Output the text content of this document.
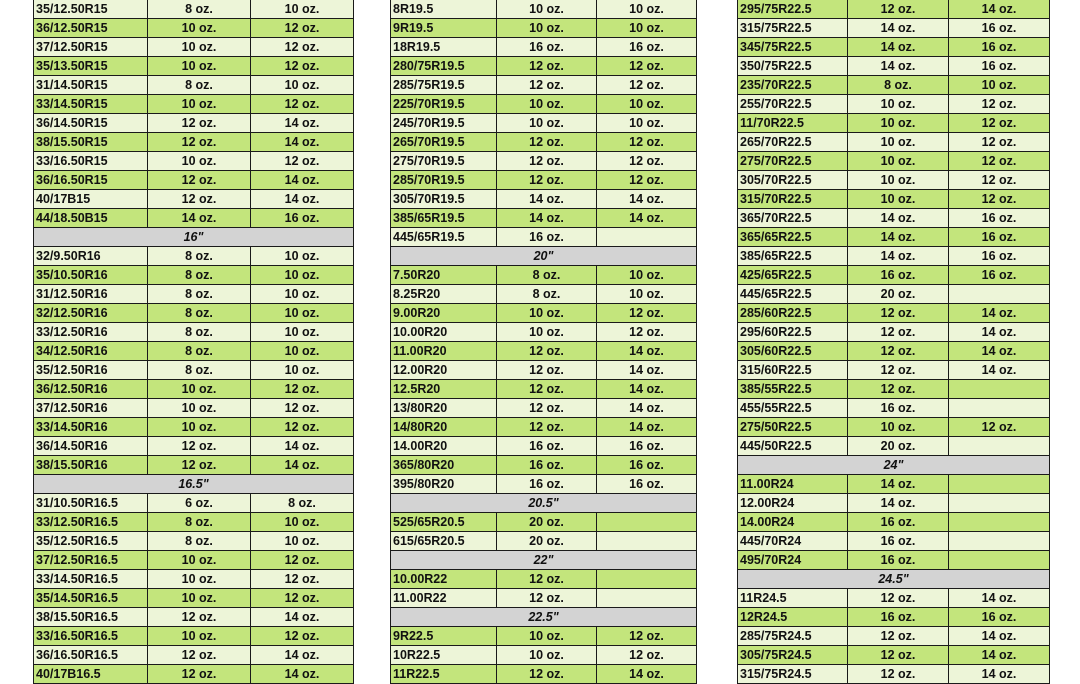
35/12.50R15	8 oz.	10 oz.
36/12.50R15	10 oz.	12 oz.
37/12.50R15	10 oz.	12 oz.
35/13.50R15	10 oz.	12 oz.
31/14.50R15	8 oz.	10 oz.
33/14.50R15	10 oz.	12 oz.
36/14.50R15	12 oz.	14 oz.
38/15.50R15	12 oz.	14 oz.
33/16.50R15	10 oz.	12 oz.
36/16.50R15	12 oz.	14 oz.
40/17B15	12 oz.	14 oz.
44/18.50B15	14 oz.	16 oz.
16"		
32/9.50R16	8 oz.	10 oz.
35/10.50R16	8 oz.	10 oz.
31/12.50R16	8 oz.	10 oz.
32/12.50R16	8 oz.	10 oz.
33/12.50R16	8 oz.	10 oz.
34/12.50R16	8 oz.	10 oz.
35/12.50R16	8 oz.	10 oz.
36/12.50R16	10 oz.	12 oz.
37/12.50R16	10 oz.	12 oz.
33/14.50R16	10 oz.	12 oz.
36/14.50R16	12 oz.	14 oz.
38/15.50R16	12 oz.	14 oz.
16.5"		
31/10.50R16.5	6 oz.	8 oz.
33/12.50R16.5	8 oz.	10 oz.
35/12.50R16.5	8 oz.	10 oz.
37/12.50R16.5	10 oz.	12 oz.
33/14.50R16.5	10 oz.	12 oz.
35/14.50R16.5	10 oz.	12 oz.
38/15.50R16.5	12 oz.	14 oz.
33/16.50R16.5	10 oz.	12 oz.
36/16.50R16.5	12 oz.	14 oz.
40/17B16.5	12 oz.	14 oz.
8R19.5	10 oz.	10 oz.
9R19.5	10 oz.	10 oz.
18R19.5	16 oz.	16 oz.
280/75R19.5	12 oz.	12 oz.
285/75R19.5	12 oz.	12 oz.
225/70R19.5	10 oz.	10 oz.
245/70R19.5	10 oz.	10 oz.
265/70R19.5	12 oz.	12 oz.
275/70R19.5	12 oz.	12 oz.
285/70R19.5	12 oz.	12 oz.
305/70R19.5	14 oz.	14 oz.
385/65R19.5	14 oz.	14 oz.
445/65R19.5	16 oz.	
20"		
7.50R20	8 oz.	10 oz.
8.25R20	8 oz.	10 oz.
9.00R20	10 oz.	12 oz.
10.00R20	10 oz.	12 oz.
11.00R20	12 oz.	14 oz.
12.00R20	12 oz.	14 oz.
12.5R20	12 oz.	14 oz.
13/80R20	12 oz.	14 oz.
14/80R20	12 oz.	14 oz.
14.00R20	16 oz.	16 oz.
365/80R20	16 oz.	16 oz.
395/80R20	16 oz.	16 oz.
20.5"		
525/65R20.5	20 oz.	
615/65R20.5	20 oz.	
22"		
10.00R22	12 oz.	
11.00R22	12 oz.	
22.5"		
9R22.5	10 oz.	12 oz.
10R22.5	10 oz.	12 oz.
11R22.5	12 oz.	14 oz.
295/75R22.5	12 oz.	14 oz.
315/75R22.5	14 oz.	16 oz.
345/75R22.5	14 oz.	16 oz.
350/75R22.5	14 oz.	16 oz.
235/70R22.5	8 oz.	10 oz.
255/70R22.5	10 oz.	12 oz.
11/70R22.5	10 oz.	12 oz.
265/70R22.5	10 oz.	12 oz.
275/70R22.5	10 oz.	12 oz.
305/70R22.5	10 oz.	12 oz.
315/70R22.5	10 oz.	12 oz.
365/70R22.5	14 oz.	16 oz.
365/65R22.5	14 oz.	16 oz.
385/65R22.5	14 oz.	16 oz.
425/65R22.5	16 oz.	16 oz.
445/65R22.5	20 oz.	
285/60R22.5	12 oz.	14 oz.
295/60R22.5	12 oz.	14 oz.
305/60R22.5	12 oz.	14 oz.
315/60R22.5	12 oz.	14 oz.
385/55R22.5	12 oz.	
455/55R22.5	16 oz.	
275/50R22.5	10 oz.	12 oz.
445/50R22.5	20 oz.	
24"		
11.00R24	14 oz.	
12.00R24	14 oz.	
14.00R24	16 oz.	
445/70R24	16 oz.	
495/70R24	16 oz.	
24.5"		
11R24.5	12 oz.	14 oz.
12R24.5	16 oz.	16 oz.
285/75R24.5	12 oz.	14 oz.
305/75R24.5	12 oz.	14 oz.
315/75R24.5	12 oz.	14 oz.
